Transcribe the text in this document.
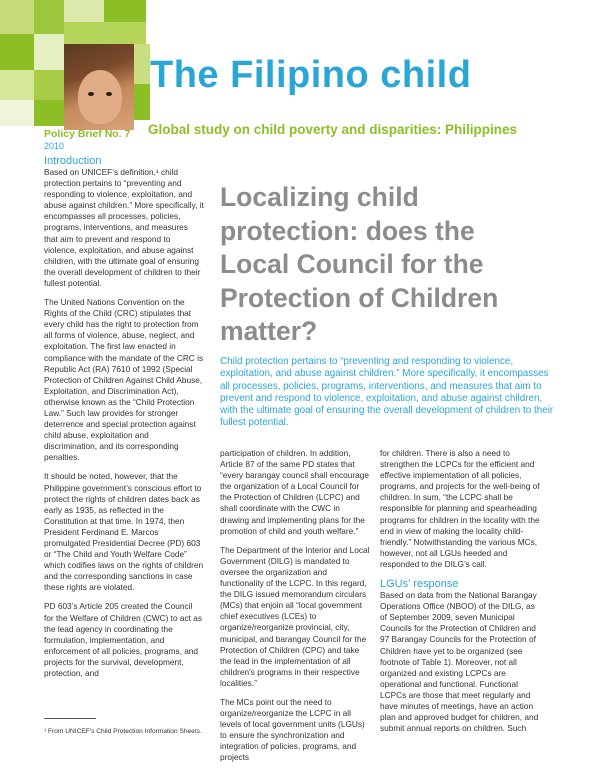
The Filipino child
Global study on child poverty and disparities: Philippines
Policy Brief No. 7
2010
Introduction

Based on UNICEF’s definition,¹ child protection pertains to “preventing and responding to violence, exploitation, and abuse against children.” More specifically, it encompasses all processes, policies, programs, interventions, and measures that aim to prevent and respond to violence, exploitation, and abuse against children, with the ultimate goal of ensuring the overall development of children to their fullest potential.

The United Nations Convention on the Rights of the Child (CRC) stipulates that every child has the right to protection from all forms of violence, abuse, neglect, and exploitation. The first law enacted in compliance with the mandate of the CRC is Republic Act (RA) 7610 of 1992 (Special Protection of Children Against Child Abuse, Exploitation, and Discrimination Act), otherwise known as the “Child Protection Law.” Such law provides for stronger deterrence and special protection against child abuse, exploitation and discrimination, and its corresponding penalties.

It should be noted, however, that the Philippine government’s conscious effort to protect the rights of children dates back as early as 1935, as reflected in the Constitution at that time. In 1974, then President Ferdinand E. Marcos promulgated Presidential Decree (PD) 603 or “The Child and Youth Welfare Code” which codifies laws on the rights of children and the corresponding sanctions in case these rights are violated.

PD 603’s Article 205 created the Council for the Welfare of Children (CWC) to act as the lead agency in coordinating the formulation, implementation, and enforcement of all policies, programs, and projects for the survival, development, protection, and

¹ From UNICEF’s Child Protection Information Sheets.
Localizing child protection: does the Local Council for the Protection of Children matter?
Child protection pertains to “preventing and responding to violence, exploitation, and abuse against children.” More specifically, it encompasses all processes, policies, programs, interventions, and measures that aim to prevent and respond to violence, exploitation, and abuse against children, with the ultimate goal of ensuring the overall development of children to their fullest potential.

participation of children. In addition, Article 87 of the same PD states that “every barangay council shall encourage the organization of a Local Council for the Protection of Children (LCPC) and shall coordinate with the CWC in drawing and implementing plans for the promotion of child and youth welfare.”

The Department of the Interior and Local Government (DILG) is mandated to oversee the organization and functionality of the LCPC. In this regard, the DILG issued memorandum circulars (MCs) that enjoin all “local government chief executives (LCEs) to organize/reorganize provincial, city, municipal, and barangay Council for the Protection of Children (CPC) and take the lead in the implementation of all children’s programs in their respective localities.”

The MCs point out the need to organize/reorganize the LCPC in all levels of local government units (LGUs) to ensure the synchronization and integration of policies, programs, and projects

for children. There is also a need to strengthen the LCPCs for the efficient and effective implementation of all policies, programs, and projects for the well-being of children. In sum, “the LCPC shall be responsible for planning and spearheading programs for children in the locality with the end in view of making the locality child-friendly.” Notwithstanding the various MCs, however, not all LGUs heeded and responded to the DILG’s call.

LGUs’ response

Based on data from the National Barangay Operations Office (NBOO) of the DILG, as of September 2009, seven Municipal Councils for the Protection of Children and 97 Barangay Councils for the Protection of Children have yet to be organized (see footnote of Table 1). Moreover, not all organized and existing LCPCs are operational and functional. Functional LCPCs are those that meet regularly and have minutes of meetings, have an action plan and approved budget for children, and submit annual reports on children. Such
